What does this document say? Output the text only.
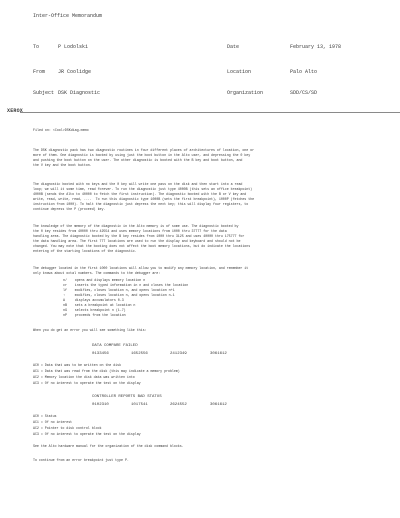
Inter-Office Memorandum
To	P Lodolski	Date	February 13, 1978
From	JR Coolidge	Location	Palo Alto
Subject DSK Diagnostic	Organization	SDD/CS/SD
XEROX
Filed on: <Cool>DSKdiag.memo
The DSK diagnostic pack has two diagnostic routines in four different places of architectures of location, one or
more of them. One diagnostic is booted by using just the boot button in the Alto user, and depressing the 0 key
and pushing the boot button on the user. The other diagnostic is booted with the B key and boot button, and
the V key and the boot button.
The diagnostic booted with no keys and the 0 key will write one pass on the disk and then start into a read
loop; we will it some time, read forever. To run the diagnostic just type 4000B (this sets an office breakpoint)
4000B (sends the Alto to 40000 to fetch the first instruction). The diagnostic booted with the B or V key and
write, read, write, read, ....  To run this diagnostic type 1000B (sets the first breakpoint), 1000P (fetches the
instruction from 1000). To halt the diagnostic just depress the next key; this will display four registers, to
continue depress the P (proceed) key.
The knowledge of the memory of the diagnostic in the Alto memory is of some use. The diagnostic booted by
the 0 key resides from 40000 thru 42554 and uses memory locations from 1000 thru 37777 for the data
handling area. The diagnostic booted by the B key resides from 1000 thru 3125 and uses 40000 thru 175777 for
the data handling area. The first 777 locations are used to run the display and keyboard and should not be
changed. You may note that the booting does not affect the boot memory locations, but do indicate the locations
entering of the starting locations of the diagnostic.
The debugger located in the first 1000 locations will allow you to modify any memory location, and remember it
only knows about octal numbers. The commands to the debugger are:
n/    opens and displays memory location n
cr    inserts the typed information in n and closes the location
lf    modifies, closes location n, and opens location n+1
↑     modifies, closes location n, and opens location n-1
A     displays accumulators 0-3
nB    sets a breakpoint at location n
nG    selects breakpoint n (1-7)
nP    proceeds from the location
When you do get an error you will see something like this:
DATA COMPARE FAILED
0133456	1652556	2412349	3061612
AC0 = Data that was to be written on the disk
AC1 = Data that was read from the disk (this may indicate a memory problem)
AC2 = Memory location the disk data was written into
AC3 = Of no interest to operate the test on the display
CONTROLLER REPORTS BAD STATUS
0102310	1017541	2624552	3061612
AC0 = Status
AC1 = Of no interest
AC2 = Pointer to disk control block
AC3 = Of no interest to operate the test on the display
See the Alto hardware manual for the organization of the disk command blocks.
To continue from an error breakpoint just type P.
